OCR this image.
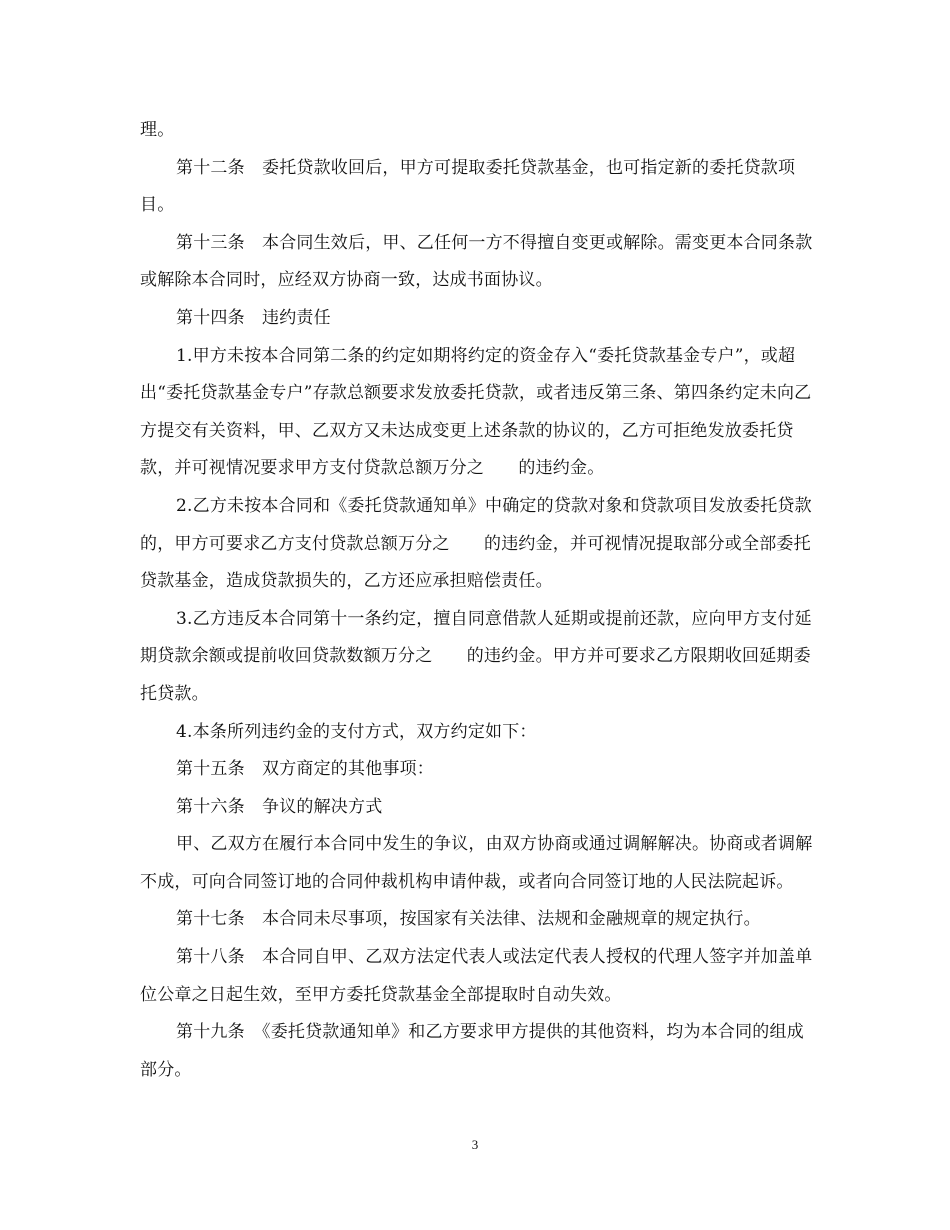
理。

第十二条　委托贷款收回后，甲方可提取委托贷款基金，也可指定新的委托贷款项目。

第十三条　本合同生效后，甲、乙任何一方不得擅自变更或解除。需变更本合同条款或解除本合同时，应经双方协商一致，达成书面协议。

第十四条　违约责任

1.甲方未按本合同第二条的约定如期将约定的资金存入“委托贷款基金专户”，或超出“委托贷款基金专户”存款总额要求发放委托贷款，或者违反第三条、第四条约定未向乙方提交有关资料，甲、乙双方又未达成变更上述条款的协议的，乙方可拒绝发放委托贷款，并可视情况要求甲方支付贷款总额万分之　　的违约金。

2.乙方未按本合同和《委托贷款通知单》中确定的贷款对象和贷款项目发放委托贷款的，甲方可要求乙方支付贷款总额万分之　　的违约金，并可视情况提取部分或全部委托贷款基金，造成贷款损失的，乙方还应承担赔偿责任。

3.乙方违反本合同第十一条约定，擅自同意借款人延期或提前还款，应向甲方支付延期贷款余额或提前收回贷款数额万分之　　的违约金。甲方并可要求乙方限期收回延期委托贷款。

4.本条所列违约金的支付方式，双方约定如下：

第十五条　双方商定的其他事项：

第十六条　争议的解决方式

甲、乙双方在履行本合同中发生的争议，由双方协商或通过调解解决。协商或者调解不成，可向合同签订地的合同仲裁机构申请仲裁，或者向合同签订地的人民法院起诉。

第十七条　本合同未尽事项，按国家有关法律、法规和金融规章的规定执行。

第十八条　本合同自甲、乙双方法定代表人或法定代表人授权的代理人签字并加盖单位公章之日起生效，至甲方委托贷款基金全部提取时自动失效。

第十九条　《委托贷款通知单》和乙方要求甲方提供的其他资料，均为本合同的组成部分。

3
